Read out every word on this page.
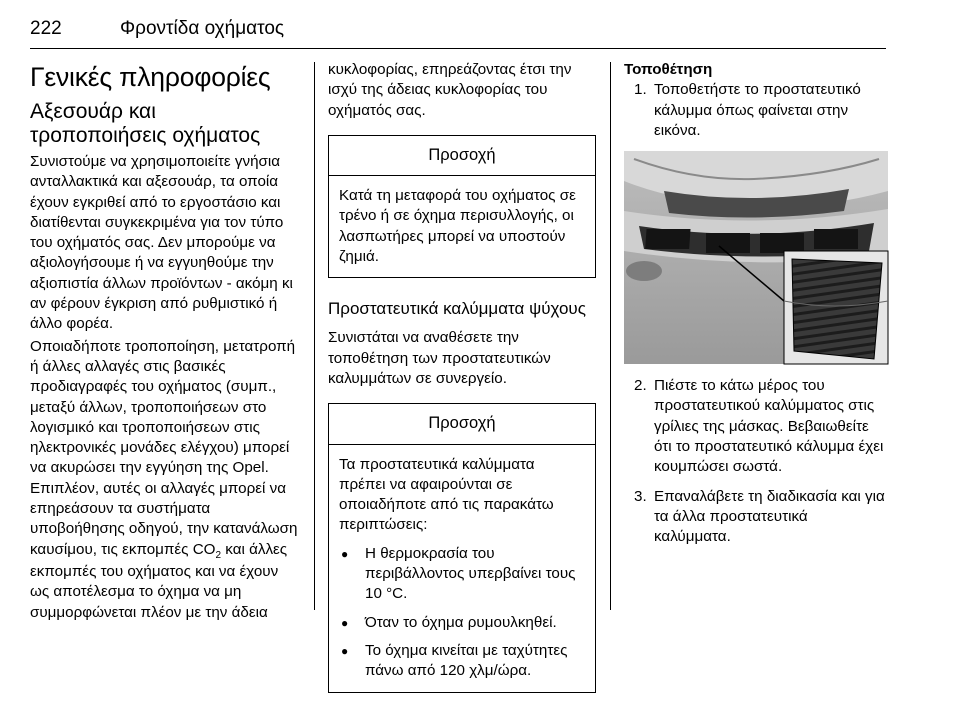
222	Φροντίδα οχήματος
Γενικές πληροφορίες
Αξεσουάρ και
τροποποιήσεις οχήματος
Συνιστούμε να χρησιμοποιείτε γνήσια ανταλλακτικά και αξεσουάρ, τα οποία έχουν εγκριθεί από το εργοστάσιο και διατίθενται συγκεκριμένα για τον τύπο του οχήματός σας. Δεν μπορούμε να αξιολογήσουμε ή να εγγυηθούμε την αξιοπιστία άλλων προϊόντων - ακόμη κι αν φέρουν έγκριση από ρυθμιστικό ή άλλο φορέα.
Οποιαδήποτε τροποποίηση, μετατροπή ή άλλες αλλαγές στις βασικές προδιαγραφές του οχήματος (συμπ., μεταξύ άλλων, τροποποιήσεων στο λογισμικό και τροποποιήσεων στις ηλεκτρονικές μονάδες ελέγχου) μπορεί να ακυρώσει την εγγύηση της Opel. Επιπλέον, αυτές οι αλλαγές μπορεί να επηρεάσουν τα συστήματα υποβοήθησης οδηγού, την κατανάλωση καυσίμου, τις εκπομπές $CO_2$ και άλλες εκπομπές του οχήματος και να έχουν ως αποτέλεσμα το όχημα να μη συμμορφώνεται πλέον με την άδεια
κυκλοφορίας, επηρεάζοντας έτσι την ισχύ της άδειας κυκλοφορίας του οχήματός σας.
Προσοχή
Κατά τη μεταφορά του οχήματος σε τρένο ή σε όχημα περισυλλογής, οι λασπωτήρες μπορεί να υποστούν ζημιά.
Προστατευτικά καλύμματα ψύχους
Συνιστάται να αναθέσετε την τοποθέτηση των προστατευτικών καλυμμάτων σε συνεργείο.
Προσοχή
Τα προστατευτικά καλύμματα πρέπει να αφαιρούνται σε οποιαδήποτε από τις παρακάτω περιπτώσεις:
● Η θερμοκρασία του περιβάλλοντος υπερβαίνει τους 10 °C.
● Όταν το όχημα ρυμουλκηθεί.
● Το όχημα κινείται με ταχύτητες πάνω από 120 χλμ/ώρα.
Τοποθέτηση
1. Τοποθετήστε το προστατευτικό κάλυμμα όπως φαίνεται στην εικόνα.
2. Πιέστε το κάτω μέρος του προστατευτικού καλύμματος στις γρίλιες της μάσκας. Βεβαιωθείτε ότι το προστατευτικό κάλυμμα έχει κουμπώσει σωστά.
3. Επαναλάβετε τη διαδικασία και για τα άλλα προστατευτικά καλύμματα.
